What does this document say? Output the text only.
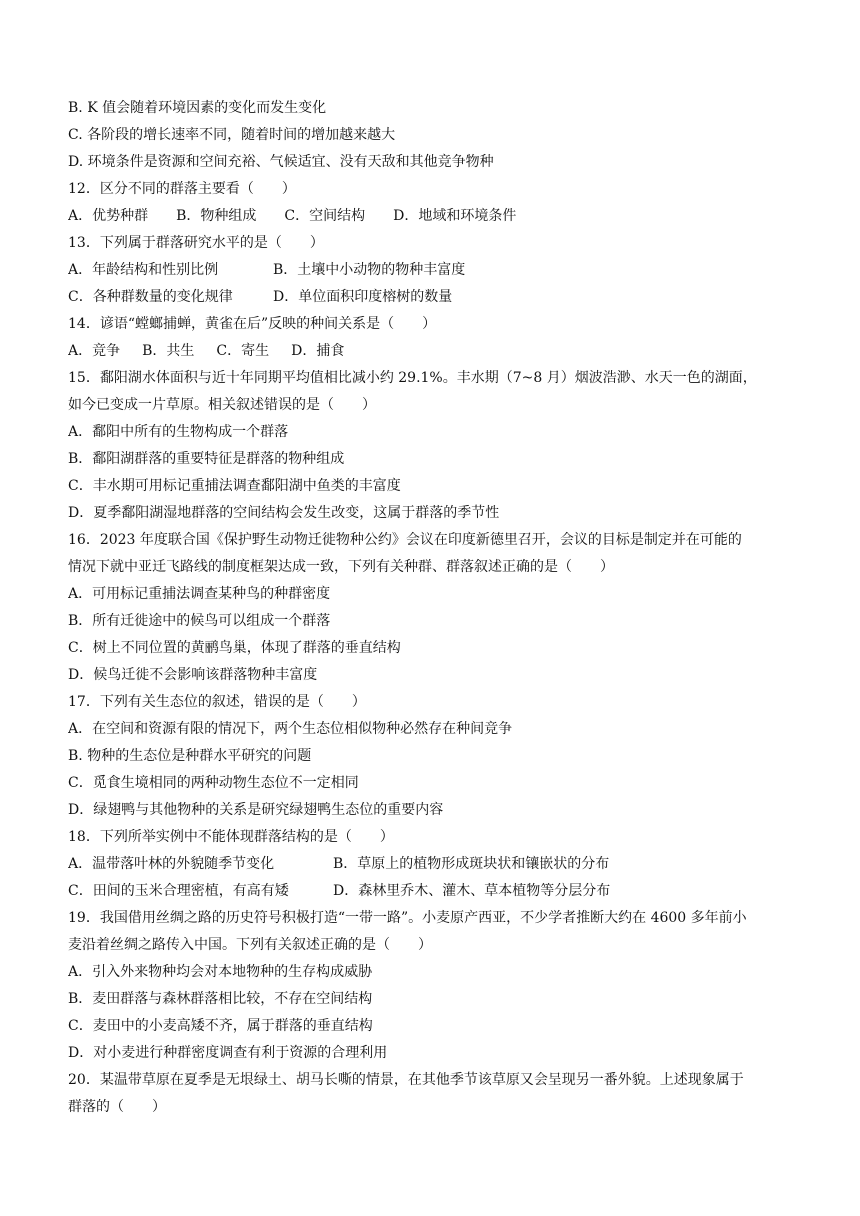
B. K 值会随着环境因素的变化而发生变化
C. 各阶段的增长速率不同，随着时间的增加越来越大
D. 环境条件是资源和空间充裕、气候适宜、没有天敌和其他竞争物种
12．区分不同的群落主要看（　　）
A．优势种群 B．物种组成 C．空间结构 D．地域和环境条件
13．下列属于群落研究水平的是（　　）
A．年龄结构和性别比例	B．土壤中小动物的物种丰富度
C．各种群数量的变化规律	D．单位面积印度榕树的数量
14．谚语“螳螂捕蝉，黄雀在后”反映的种间关系是（　　）
A．竞争 B．共生 C．寄生 D．捕食
15．鄱阳湖水体面积与近十年同期平均值相比减小约 29.1%。丰水期（7~8 月）烟波浩渺、水天一色的湖面，
如今已变成一片草原。相关叙述错误的是（　　）
A．鄱阳中所有的生物构成一个群落
B．鄱阳湖群落的重要特征是群落的物种组成
C．丰水期可用标记重捕法调查鄱阳湖中鱼类的丰富度
D．夏季鄱阳湖湿地群落的空间结构会发生改变，这属于群落的季节性
16．2023 年度联合国《保护野生动物迁徙物种公约》会议在印度新德里召开，会议的目标是制定并在可能的
情况下就中亚迁飞路线的制度框架达成一致，下列有关种群、群落叙述正确的是（　　）
A．可用标记重捕法调查某种鸟的种群密度
B．所有迁徙途中的候鸟可以组成一个群落
C．树上不同位置的黄鹂鸟巢，体现了群落的垂直结构
D．候鸟迁徙不会影响该群落物种丰富度
17．下列有关生态位的叙述，错误的是（　　）
A．在空间和资源有限的情况下，两个生态位相似物种必然存在种间竞争
B. 物种的生态位是种群水平研究的问题
C．觅食生境相同的两种动物生态位不一定相同
D．绿翅鸭与其他物种的关系是研究绿翅鸭生态位的重要内容
18．下列所举实例中不能体现群落结构的是（　　）
A．温带落叶林的外貌随季节变化	B．草原上的植物形成斑块状和镶嵌状的分布
C．田间的玉米合理密植，有高有矮	D．森林里乔木、灌木、草本植物等分层分布
19．我国借用丝绸之路的历史符号积极打造“一带一路”。小麦原产西亚，不少学者推断大约在 4600 多年前小
麦沿着丝绸之路传入中国。下列有关叙述正确的是（　　）
A．引入外来物种均会对本地物种的生存构成威胁
B．麦田群落与森林群落相比较，不存在空间结构
C．麦田中的小麦高矮不齐，属于群落的垂直结构
D．对小麦进行种群密度调查有利于资源的合理利用
20．某温带草原在夏季是无垠绿土、胡马长嘶的情景，在其他季节该草原又会呈现另一番外貌。上述现象属于
群落的（　　）
